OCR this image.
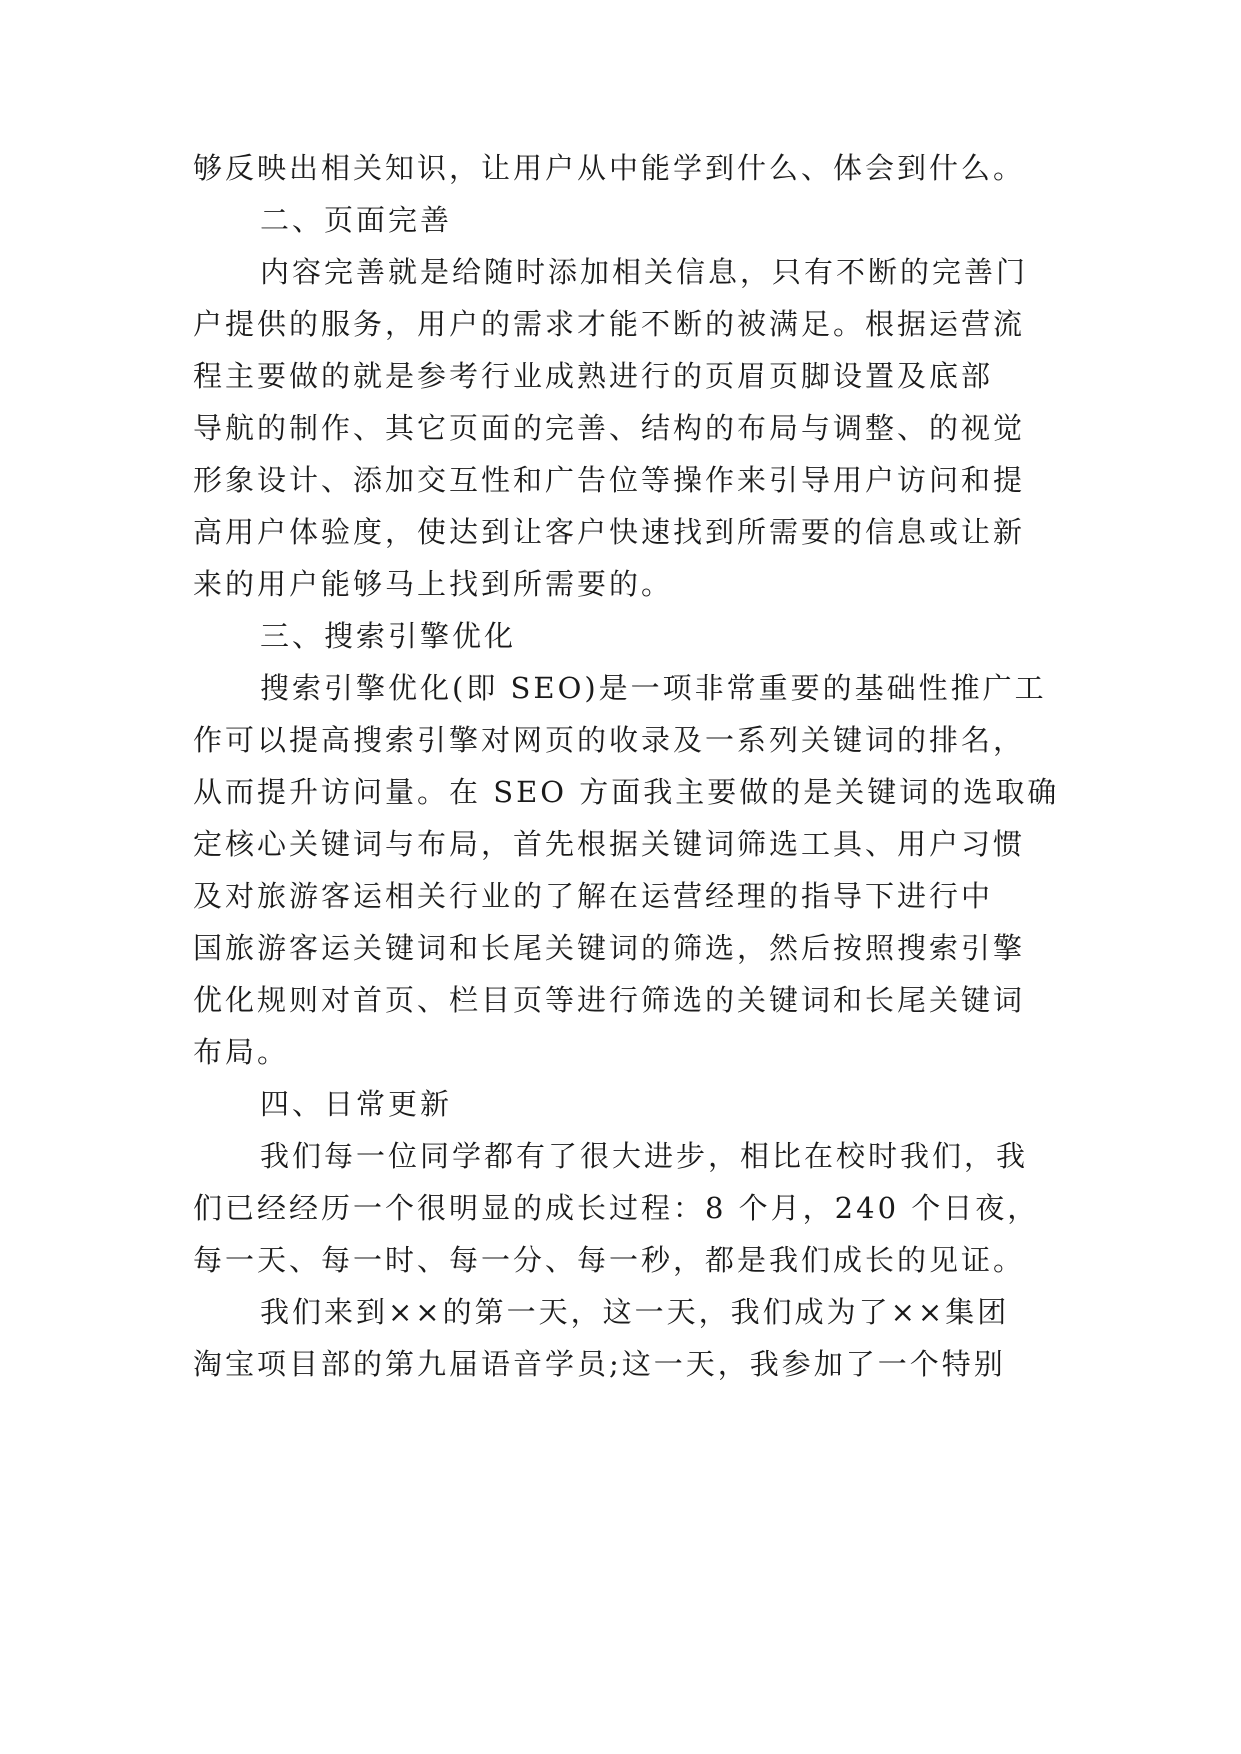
够反映出相关知识，让用户从中能学到什么、体会到什么。
二、页面完善
内容完善就是给随时添加相关信息，只有不断的完善门
户提供的服务，用户的需求才能不断的被满足。根据运营流
程主要做的就是参考行业成熟进行的页眉页脚设置及底部
导航的制作、其它页面的完善、结构的布局与调整、的视觉
形象设计、添加交互性和广告位等操作来引导用户访问和提
高用户体验度，使达到让客户快速找到所需要的信息或让新
来的用户能够马上找到所需要的。
三、搜索引擎优化
搜索引擎优化(即 SEO)是一项非常重要的基础性推广工
作可以提高搜索引擎对网页的收录及一系列关键词的排名，
从而提升访问量。在 SEO 方面我主要做的是关键词的选取确
定核心关键词与布局，首先根据关键词筛选工具、用户习惯
及对旅游客运相关行业的了解在运营经理的指导下进行中
国旅游客运关键词和长尾关键词的筛选，然后按照搜索引擎
优化规则对首页、栏目页等进行筛选的关键词和长尾关键词
布局。
四、日常更新
我们每一位同学都有了很大进步，相比在校时我们，我
们已经经历一个很明显的成长过程：8 个月，240 个日夜，
每一天、每一时、每一分、每一秒，都是我们成长的见证。
我们来到××的第一天，这一天，我们成为了××集团
淘宝项目部的第九届语音学员;这一天，我参加了一个特别
